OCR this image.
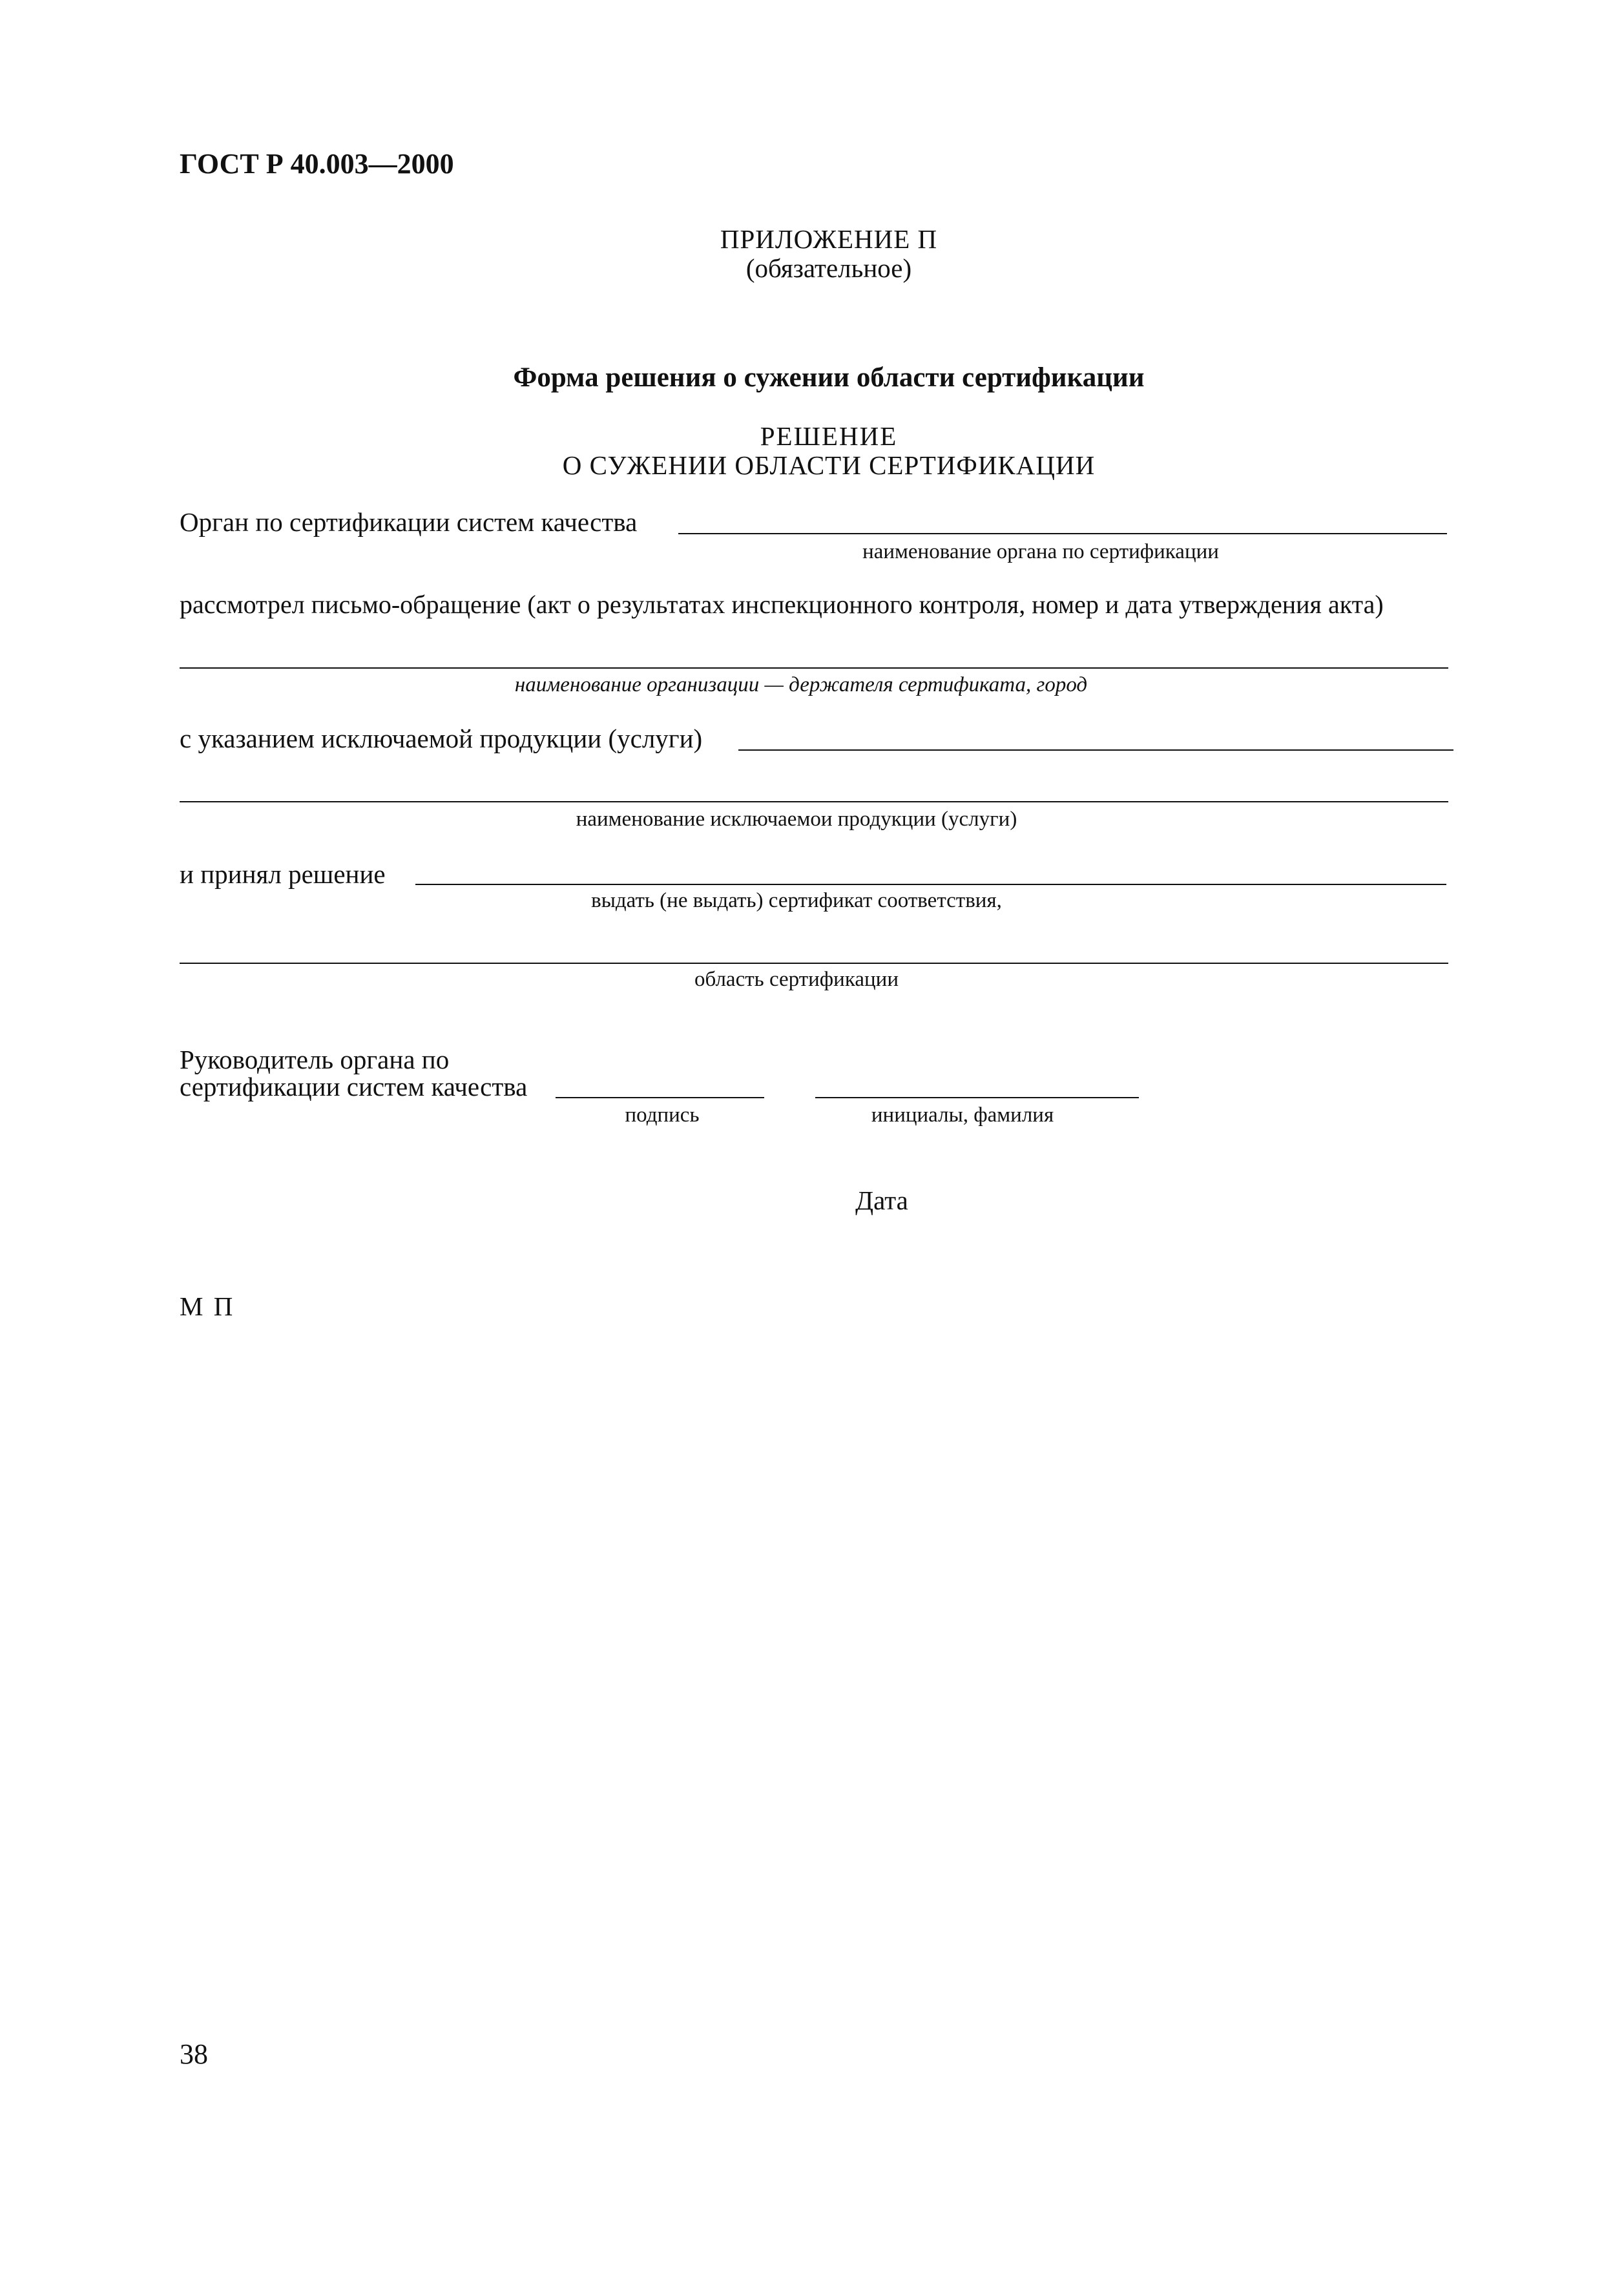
ГОСТ Р 40.003—2000
ПРИЛОЖЕНИЕ П
(обязательное)
Форма решения о сужении области сертификации
РЕШЕНИЕ
О СУЖЕНИИ ОБЛАСТИ СЕРТИФИКАЦИИ
Орган по сертификации систем качества
наименование органа по сертификации
рассмотрел письмо-обращение (акт о результатах инспекционного контроля, номер и дата утверждения акта)
наименование организации — держателя сертификата, город
с указанием исключаемой продукции (услуги)
наименование исключаемои продукции (услуги)
и принял решение
выдать (не выдать) сертификат соответствия,
область сертификации
Руководитель органа по
сертификации систем качества
подпись	инициалы, фамилия
Дата
М П
38
